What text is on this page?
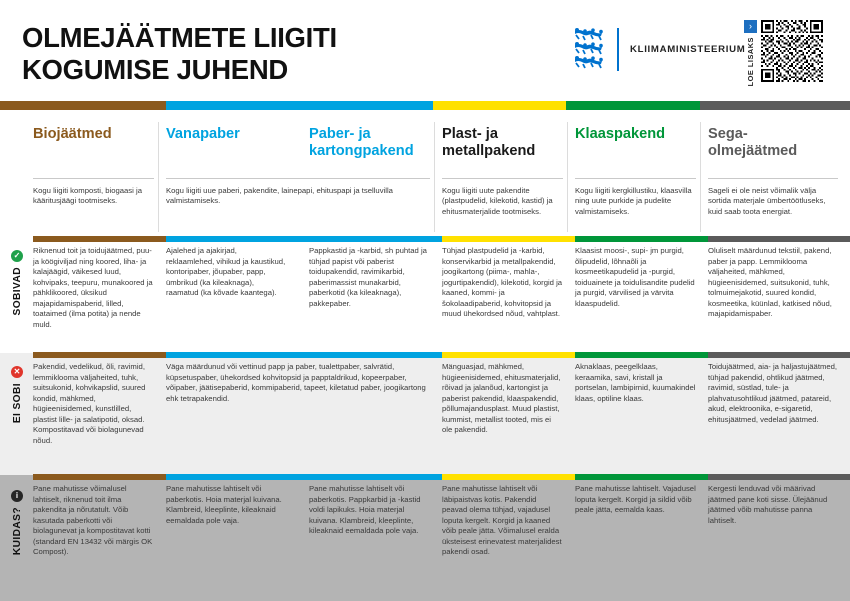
OLMEJÄÄTMETE LIIGITI
KOGUMISE JUHEND
KLIIMAMINISTEERIUM
›
LOE LISAKS
✓
SOBIVAD
✕
EI SOBI
i
KUIDAS?
Biojäätmed
Kogu liigiti komposti, biogaasi ja kääritusjäägi tootmiseks.
Riknenud toit ja toidujäätmed, puu- ja köögiviljad ning koored, liha- ja kalajäägid, väikesed luud, kohvipaks, teepuru, munakoored ja pähklikoored, üksikud majapidamispaberid, lilled, toataimed (ilma potita) ja nende muld.
Pakendid, vedelikud, õli, ravimid, lemmiklooma väljaheited, tuhk, suitsukonid, kohvikapslid, suured kondid, mähkmed, hügieenisidemed, kunstlilled, plastist lille- ja salatipotid, oksad. Kompostitavad või biolagunevad nõud.
Pane mahutisse võimalusel lahtiselt, riknenud toit ilma pakendita ja nõrutatult. Võib kasutada paberkotti või biolagunevat ja kompostitavat kotti (standard EN 13432 või märgis OK Compost).
Vanapaber
Kogu liigiti uue paberi, pakendite, lainepapi, ehituspapi ja tselluvilla valmistamiseks.
Ajalehed ja ajakirjad, reklaamlehed, vihikud ja kaustikud, kontoripaber, jõupaber, papp, ümbrikud (ka kileaknaga), raamatud (ka kõvade kaantega).
Väga määrdunud või vettinud papp ja paber, tualettpaber, salvrätid, küpsetuspaber, ühekordsed kohvitopsid ja papptaldrikud, kopeerpaber, võipaber, jäätisepaberid, kommipaberid, tapeet, kiletatud paber, joogikartong ehk tetrapakendid.
Pane mahutisse lahtiselt või paberkotis. Hoia materjal kuivana. Klambreid, kleeplinte, kileaknaid eemaldada pole vaja.
Paber- ja kartongpakend
Pappkastid ja -karbid, sh puhtad ja tühjad papist või paberist toidupakendid, ravimikarbid, paberimassist munakarbid, paberkotid (ka kileaknaga), pakkepaber.
Pane mahutisse lahtiselt või paberkotis. Pappkarbid ja -kastid voldi lapikuks. Hoia materjal kuivana. Klambreid, kleeplinte, kileaknaid eemaldada pole vaja.
Plast- ja metallpakend
Kogu liigiti uute pakendite (plastpudelid, kilekotid, kastid) ja ehitusmaterjalide tootmiseks.
Tühjad plastpudelid ja -karbid, konservikarbid ja metallpakendid, joogikartong (piima-, mahla-, jogurtipakendid), kilekotid, korgid ja kaaned, kommi- ja šokolaadipaberid, kohvitopsid ja muud ühekordsed nõud, vahtplast.
Mänguasjad, mähkmed, hügieenisidemed, ehitusmaterjalid, rõivad ja jalanõud, kartongist ja paberist pakendid, klaaspakendid, põllumajandusplast. Muud plastist, kummist, metallist tooted, mis ei ole pakendid.
Pane mahutisse lahtiselt või läbipaistvas kotis. Pakendid peavad olema tühjad, vajadusel loputa kergelt. Korgid ja kaaned võib peale jätta. Võimalusel eralda üksteisest erinevatest materjalidest pakendi osad.
Klaaspakend
Kogu liigiti kergkillustiku, klaasvilla ning uute purkide ja pudelite valmistamiseks.
Klaasist moosi-, supi- jm purgid, õlipudelid, lõhnaõli ja kosmeetikapudelid ja -purgid, toiduainete ja toidulisandite pudelid ja purgid, värvilised ja värvita klaaspudelid.
Aknaklaas, peegelklaas, keraamika, savi, kristall ja portselan, lambipirnid, kuumakindel klaas, optiline klaas.
Pane mahutisse lahtiselt. Vajadusel loputa kergelt. Korgid ja sildid võib peale jätta, eemalda kaas.
Sega- olmejäätmed
Sageli ei ole neist võimalik välja sortida materjale ümbertöötluseks, kuid saab toota energiat.
Oluliselt määrdunud tekstiil, pakend, paber ja papp. Lemmiklooma väljaheited, mähkmed, hügieenisidemed, suitsukonid, tuhk, tolmuimejakotid, suured kondid, kosmeetika, küünlad, katkised nõud, majapidamispaber.
Toidujäätmed, aia- ja haljastujäätmed, tühjad pakendid, ohtlikud jäätmed, ravimid, süstlad, tule- ja plahvatusohtlikud jäätmed, patareid, akud, elektroonika, e-sigaretid, ehitusjäätmed, vedelad jäätmed.
Kergesti lenduvad või määrivad jäätmed pane koti sisse. Ülejäänud jäätmed võib mahutisse panna lahtiselt.
